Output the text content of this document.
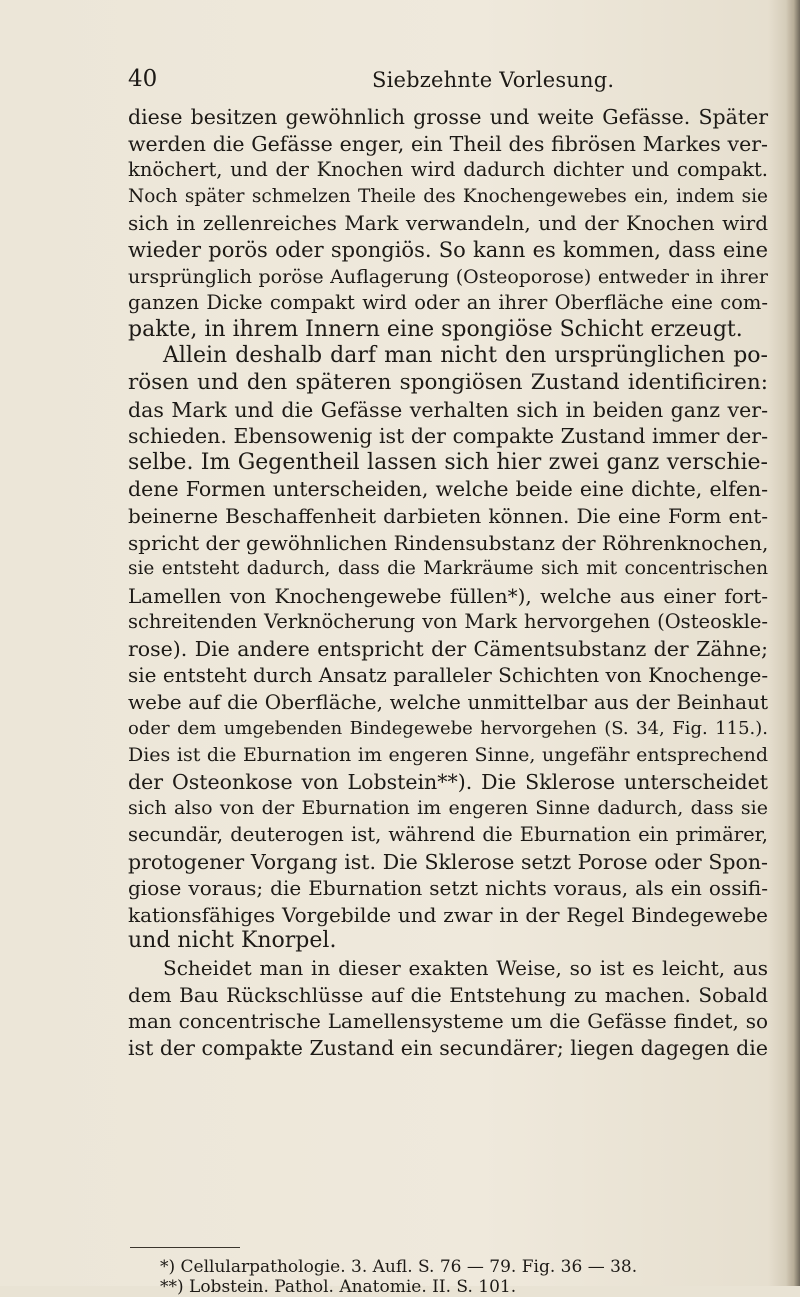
40	Siebzehnte Vorlesung.
diese besitzen gewöhnlich grosse und weite Gefässe. Später
werden die Gefässe enger, ein Theil des fibrösen Markes ver-
knöchert, und der Knochen wird dadurch dichter und compakt.
Noch später schmelzen Theile des Knochengewebes ein, indem sie
sich in zellenreiches Mark verwandeln, und der Knochen wird
wieder porös oder spongiös. So kann es kommen, dass eine
ursprünglich poröse Auflagerung (Osteoporose) entweder in ihrer
ganzen Dicke compakt wird oder an ihrer Oberfläche eine com-
pakte, in ihrem Innern eine spongiöse Schicht erzeugt.
Allein deshalb darf man nicht den ursprünglichen po-
rösen und den späteren spongiösen Zustand identificiren:
das Mark und die Gefässe verhalten sich in beiden ganz ver-
schieden. Ebensowenig ist der compakte Zustand immer der-
selbe. Im Gegentheil lassen sich hier zwei ganz verschie-
dene Formen unterscheiden, welche beide eine dichte, elfen-
beinerne Beschaffenheit darbieten können. Die eine Form ent-
spricht der gewöhnlichen Rindensubstanz der Röhrenknochen,
sie entsteht dadurch, dass die Markräume sich mit concentrischen
Lamellen von Knochengewebe füllen*), welche aus einer fort-
schreitenden Verknöcherung von Mark hervorgehen (Osteoskle-
rose). Die andere entspricht der Cämentsubstanz der Zähne;
sie entsteht durch Ansatz paralleler Schichten von Knochenge-
webe auf die Oberfläche, welche unmittelbar aus der Beinhaut
oder dem umgebenden Bindegewebe hervorgehen (S. 34, Fig. 115.).
Dies ist die Eburnation im engeren Sinne, ungefähr entsprechend
der Osteonkose von Lobstein**). Die Sklerose unterscheidet
sich also von der Eburnation im engeren Sinne dadurch, dass sie
secundär, deuterogen ist, während die Eburnation ein primärer,
protogener Vorgang ist. Die Sklerose setzt Porose oder Spon-
giose voraus; die Eburnation setzt nichts voraus, als ein ossifi-
kationsfähiges Vorgebilde und zwar in der Regel Bindegewebe
und nicht Knorpel.
Scheidet man in dieser exakten Weise, so ist es leicht, aus
dem Bau Rückschlüsse auf die Entstehung zu machen. Sobald
man concentrische Lamellensysteme um die Gefässe findet, so
ist der compakte Zustand ein secundärer; liegen dagegen die
*) Cellularpathologie. 3. Aufl. S. 76 — 79. Fig. 36 — 38.
**) Lobstein. Pathol. Anatomie. II. S. 101.
